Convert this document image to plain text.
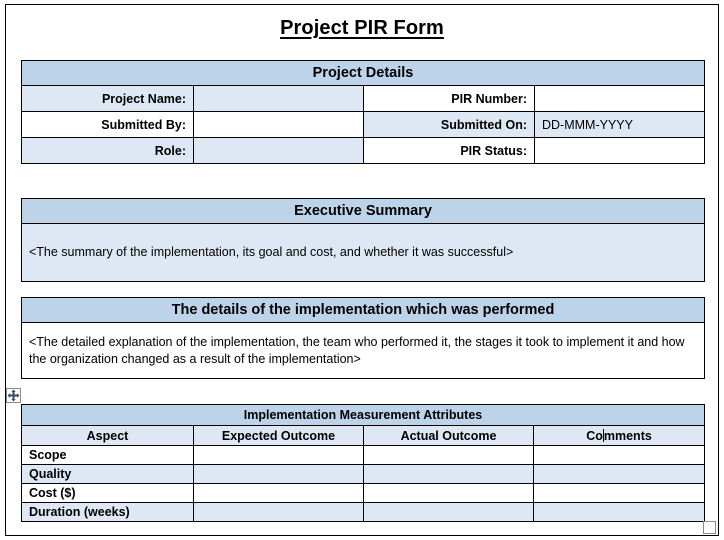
Project PIR Form
Project Details			
Project Name:		PIR Number:	
Submitted By:		Submitted On:	DD-MMM-YYYY
Role:		PIR Status:	
Executive Summary
<The summary of the implementation, its goal and cost, and whether it was successful>
The details of the implementation which was performed
<The detailed explanation of the implementation, the team who performed it, the stages it took to implement it and how the organization changed as a result of the implementation>
Implementation Measurement Attributes			
Aspect	Expected Outcome	Actual Outcome	Comments
Scope			
Quality			
Cost ($)			
Duration (weeks)			
